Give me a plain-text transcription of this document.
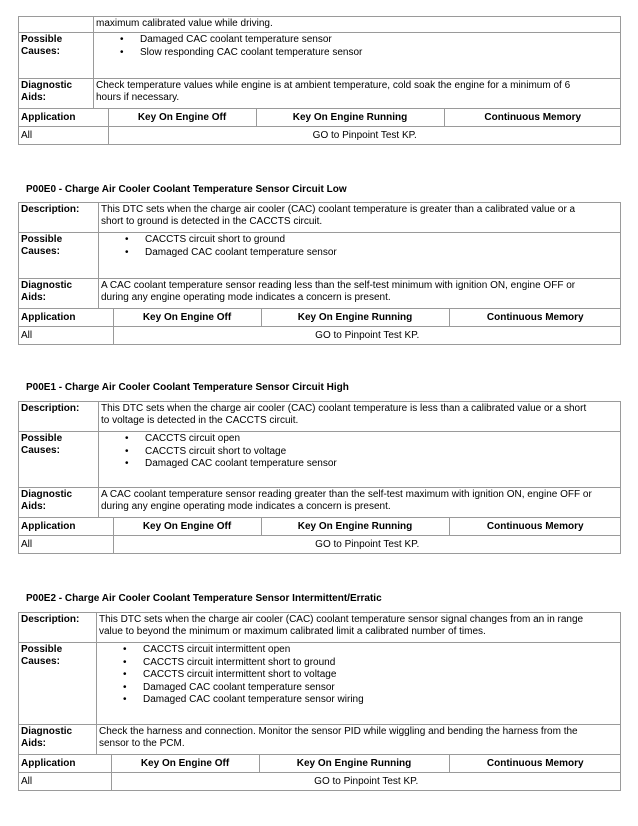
	maximum calibrated value while driving.
Possible
Causes:	
• Damaged CAC coolant temperature sensor
• Slow responding CAC coolant temperature sensor

Diagnostic
Aids:	Check temperature values while engine is at ambient temperature, cold soak the engine for a minimum of 6
hours if necessary.

Application	Key On Engine Off	Key On Engine Running	Continuous Memory
All	GO to Pinpoint Test KP.
P00E0 - Charge Air Cooler Coolant Temperature Sensor Circuit Low
Description:	This DTC sets when the charge air cooler (CAC) coolant temperature is greater than a calibrated value or a
short to ground is detected in the CACCTS circuit.
Possible
Causes:	
• CACCTS circuit short to ground
• Damaged CAC coolant temperature sensor

Diagnostic
Aids:	A CAC coolant temperature sensor reading less than the self-test minimum with ignition ON, engine OFF or
during any engine operating mode indicates a concern is present.

Application	Key On Engine Off	Key On Engine Running	Continuous Memory
All	GO to Pinpoint Test KP.
P00E1 - Charge Air Cooler Coolant Temperature Sensor Circuit High
Description:	This DTC sets when the charge air cooler (CAC) coolant temperature is less than a calibrated value or a short
to voltage is detected in the CACCTS circuit.
Possible
Causes:	
• CACCTS circuit open
• CACCTS circuit short to voltage
• Damaged CAC coolant temperature sensor

Diagnostic
Aids:	A CAC coolant temperature sensor reading greater than the self-test maximum with ignition ON, engine OFF or
during any engine operating mode indicates a concern is present.

Application	Key On Engine Off	Key On Engine Running	Continuous Memory
All	GO to Pinpoint Test KP.
P00E2 - Charge Air Cooler Coolant Temperature Sensor Intermittent/Erratic
Description:	This DTC sets when the charge air cooler (CAC) coolant temperature sensor signal changes from an in range
value to beyond the minimum or maximum calibrated limit a calibrated number of times.
Possible
Causes:	
• CACCTS circuit intermittent open
• CACCTS circuit intermittent short to ground
• CACCTS circuit intermittent short to voltage
• Damaged CAC coolant temperature sensor
• Damaged CAC coolant temperature sensor wiring

Diagnostic
Aids:	Check the harness and connection. Monitor the sensor PID while wiggling and bending the harness from the
sensor to the PCM.

Application	Key On Engine Off	Key On Engine Running	Continuous Memory
All	GO to Pinpoint Test KP.
